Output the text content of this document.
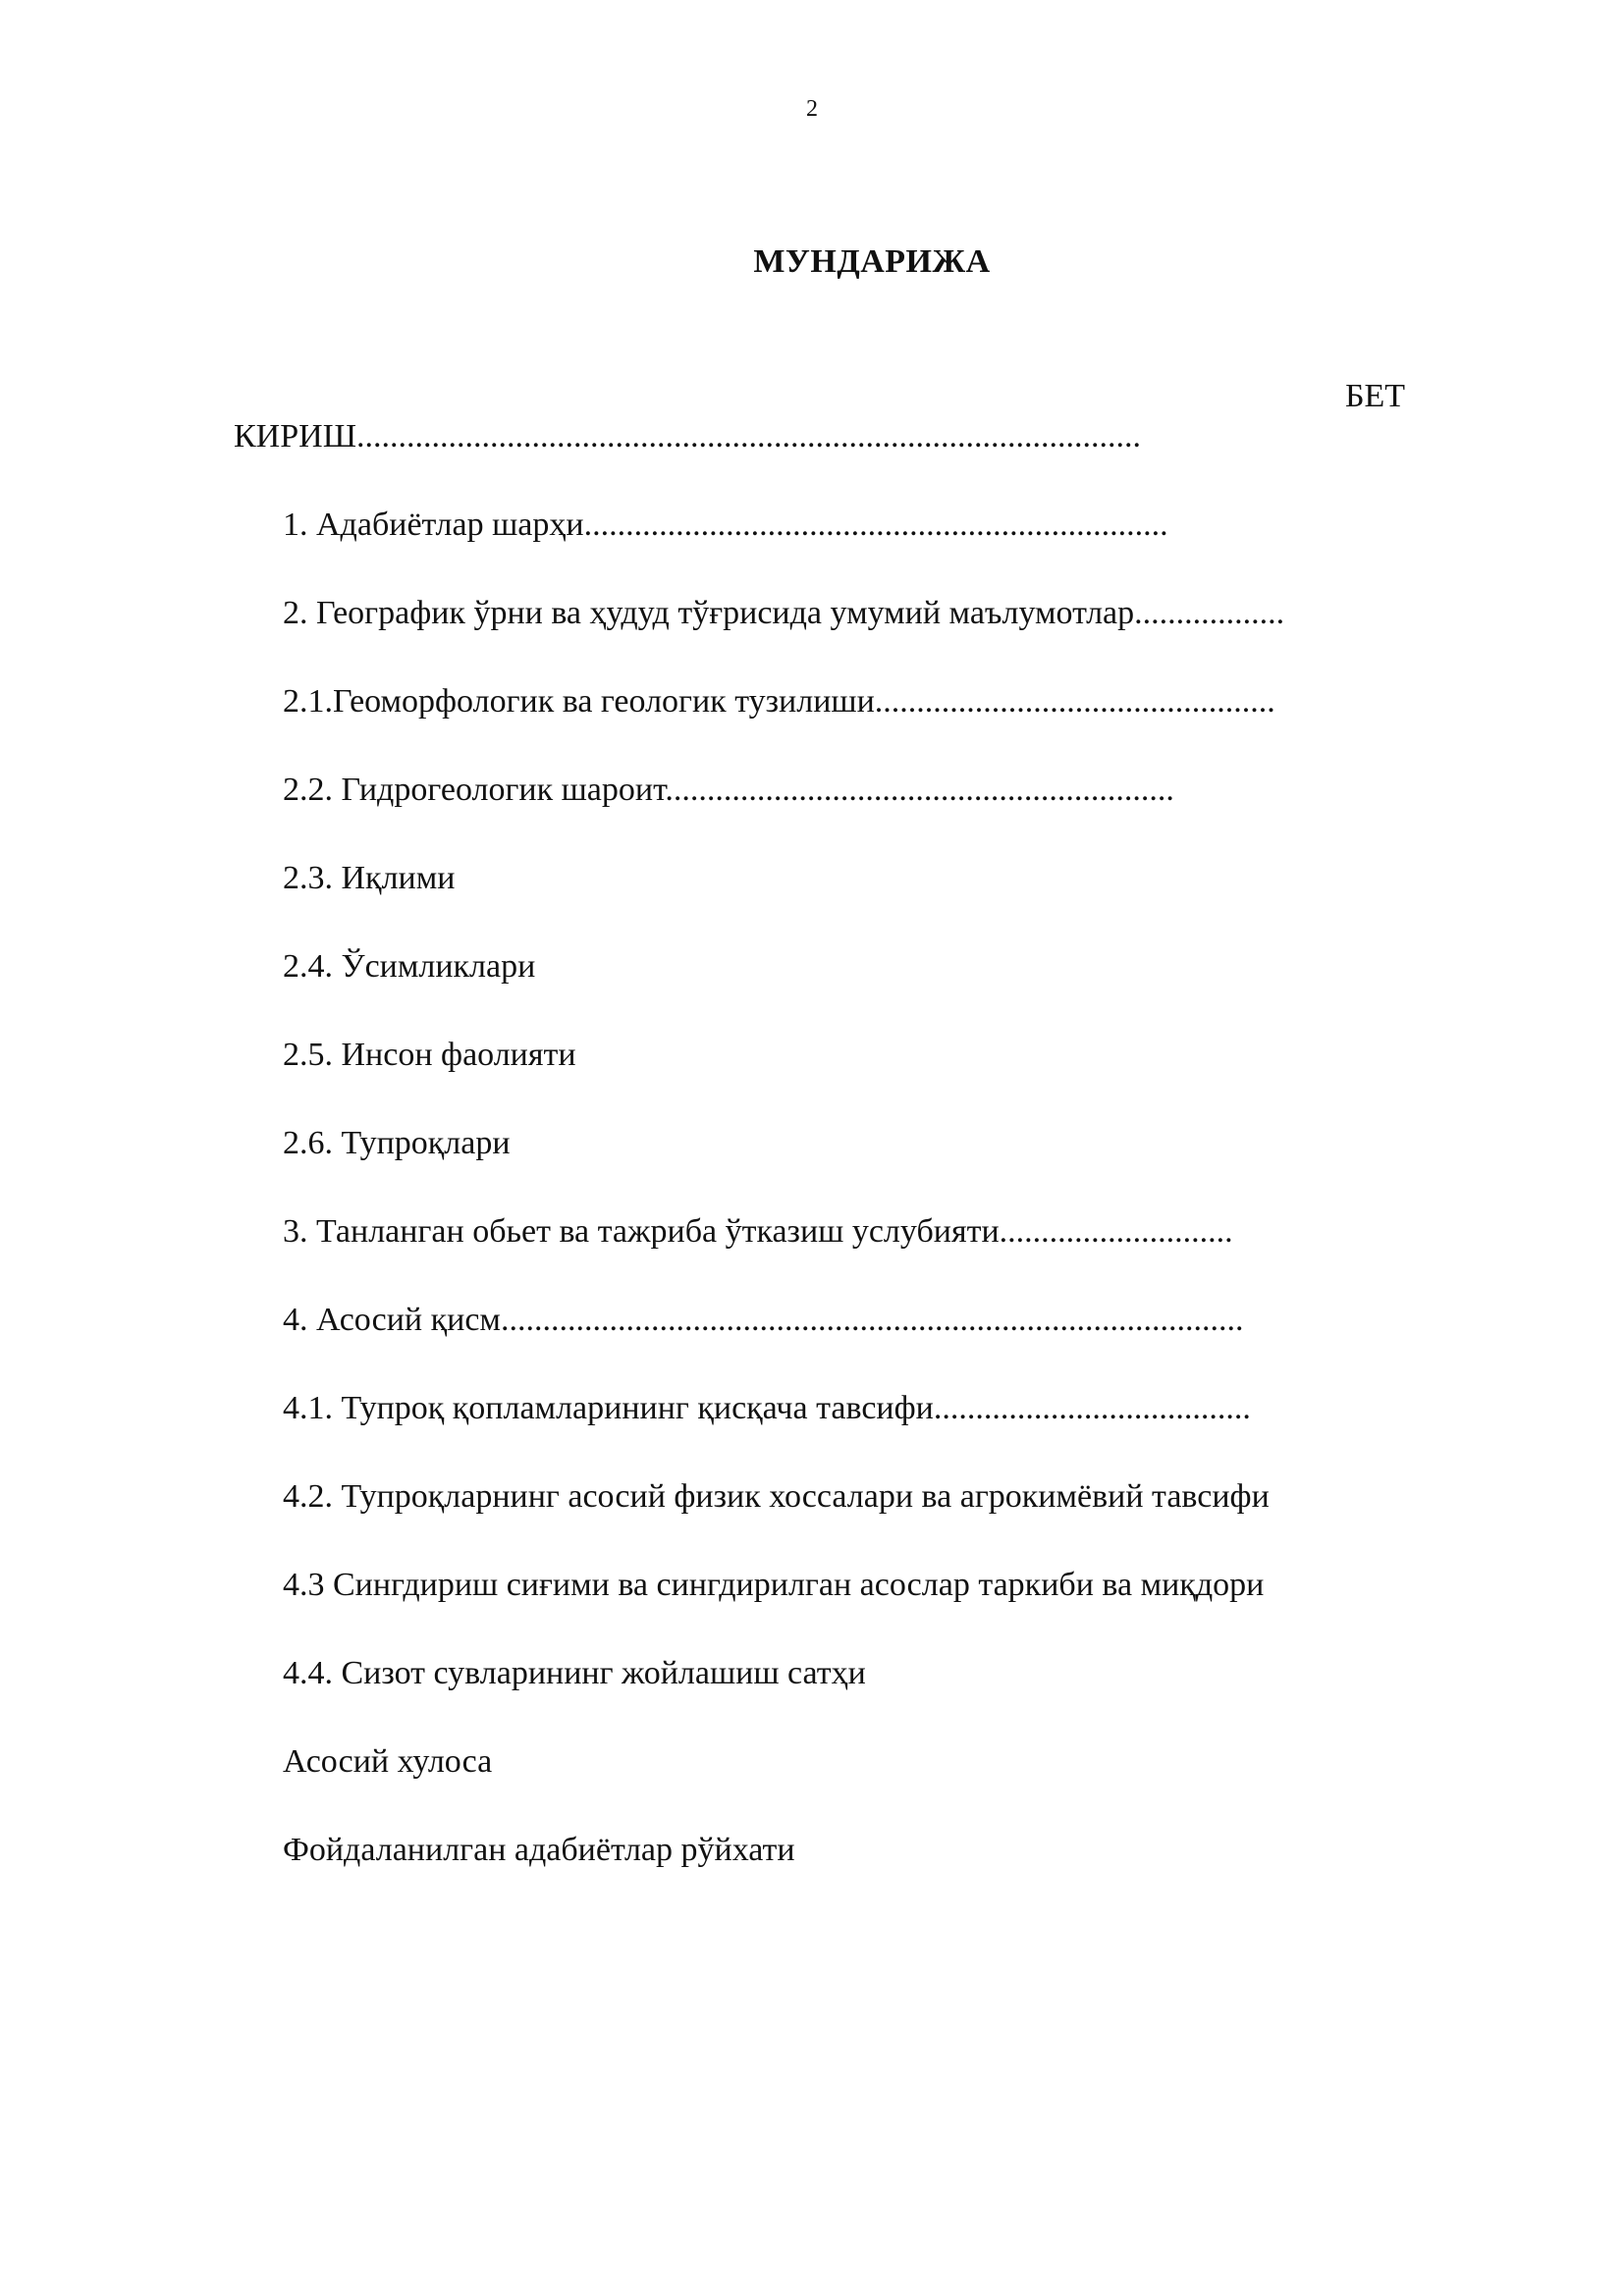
2
МУНДАРИЖА
БЕТ
КИРИШ..............................................................................................
1. Адабиётлар шарҳи......................................................................
2. Географик ўрни ва ҳудуд тўғрисида умумий маълумотлар..................
2.1.Геоморфологик ва геологик тузилиши................................................
2.2. Гидрогеологик шароит.............................................................
2.3. Иқлими
2.4. Ўсимликлари
2.5. Инсон фаолияти
2.6. Тупроқлари
3. Танланган обьет ва тажриба ўтказиш услубияти............................
4. Асосий қисм.........................................................................................
4.1. Тупроқ қопламларининг қисқача тавсифи......................................
4.2. Тупроқларнинг асосий физик хоссалари ва агрокимёвий тавсифи
4.3 Сингдириш сиғими ва сингдирилган асослар таркиби ва миқдори
4.4. Сизот сувларининг жойлашиш сатҳи
Асосий хулоса
Фойдаланилган адабиётлар рўйхати
